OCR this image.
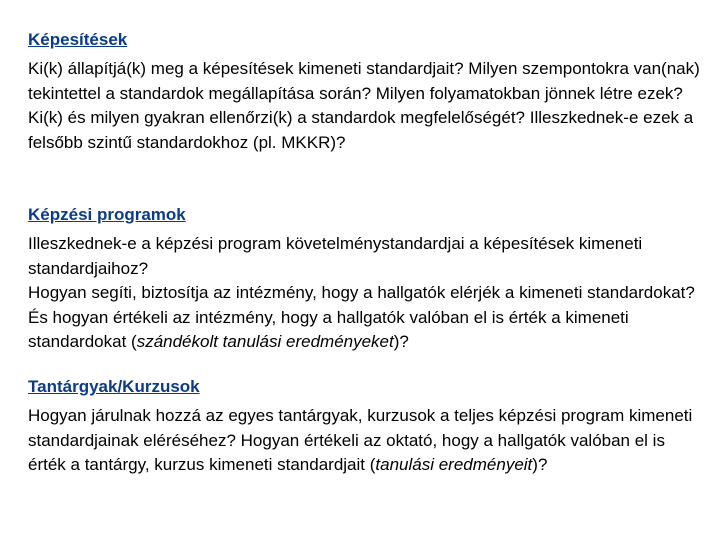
Képesítések

Ki(k) állapítjá(k) meg a képesítések kimeneti standardjait? Milyen szempontokra van(nak) tekintettel a standardok megállapítása során? Milyen folyamatokban jönnek létre ezek? Ki(k) és milyen gyakran ellenőrzi(k) a standardok megfelelőségét? Illeszkednek-e ezek a felsőbb szintű standardokhoz (pl. MKKR)?

Képzési programok

Illeszkednek-e a képzési program követelménystandardjai a képesítések kimeneti standardjaihoz?

Hogyan segíti, biztosítja az intézmény, hogy a hallgatók elérjék a kimeneti standardokat? És hogyan értékeli az intézmény, hogy a hallgatók valóban el is érték a kimeneti standardokat (szándékolt tanulási eredményeket)?

Tantárgyak/Kurzusok

Hogyan járulnak hozzá az egyes tantárgyak, kurzusok a teljes képzési program kimeneti standardjainak eléréséhez? Hogyan értékeli az oktató, hogy a hallgatók valóban el is érték a tantárgy, kurzus kimeneti standardjait (tanulási eredményeit)?
